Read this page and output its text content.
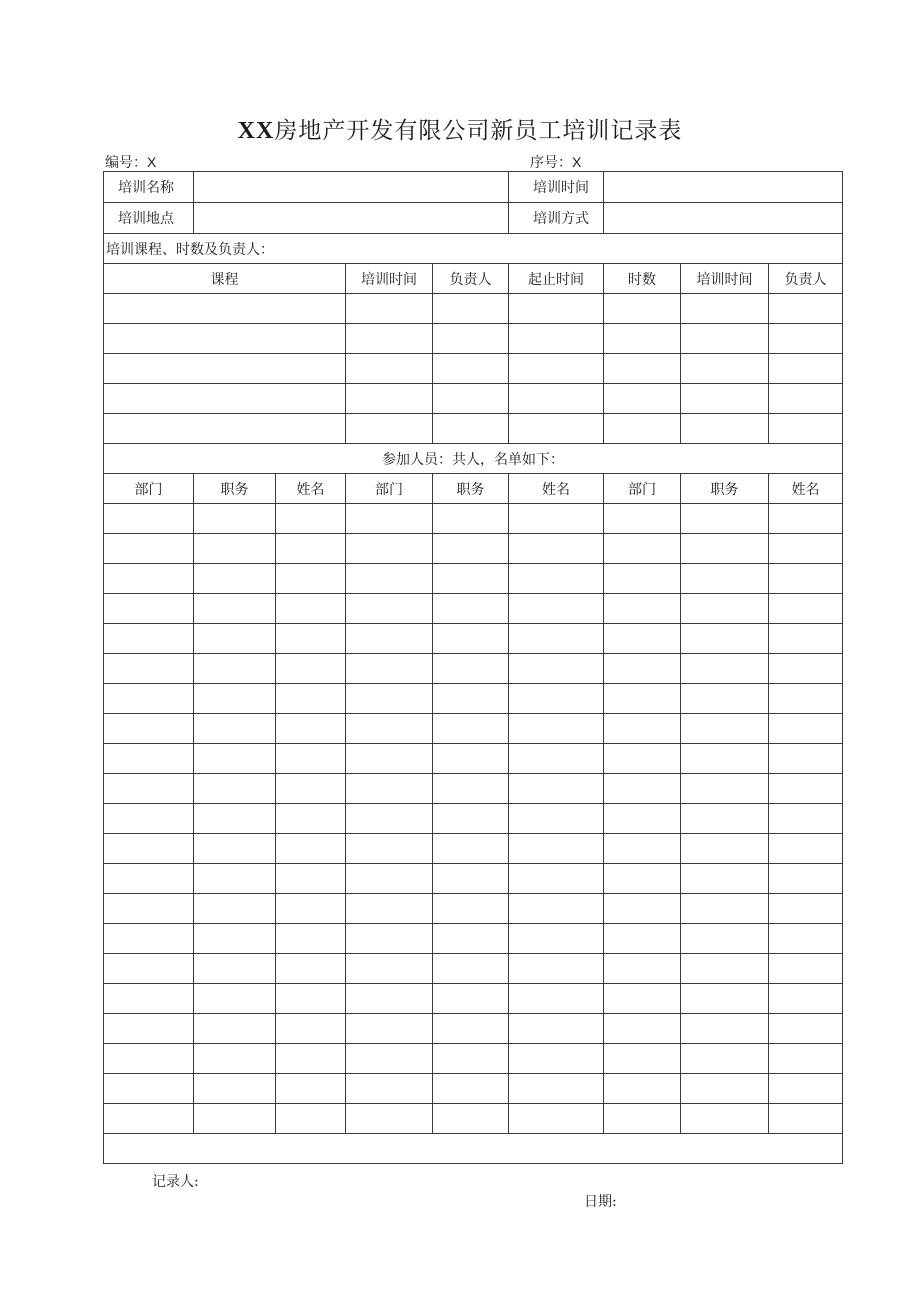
XX房地产开发有限公司新员工培训记录表
编号：X	序号：X
培训名称					培训时间			
培训地点					培训方式			
培训课程、时数及负责人：								
课程			培训时间	负责人	起止时间	时数	培训时间	负责人

参加人员：共人，名单如下：								
部门	职务	姓名	部门	职务	姓名	部门	职务	姓名

记录人:
日期:
